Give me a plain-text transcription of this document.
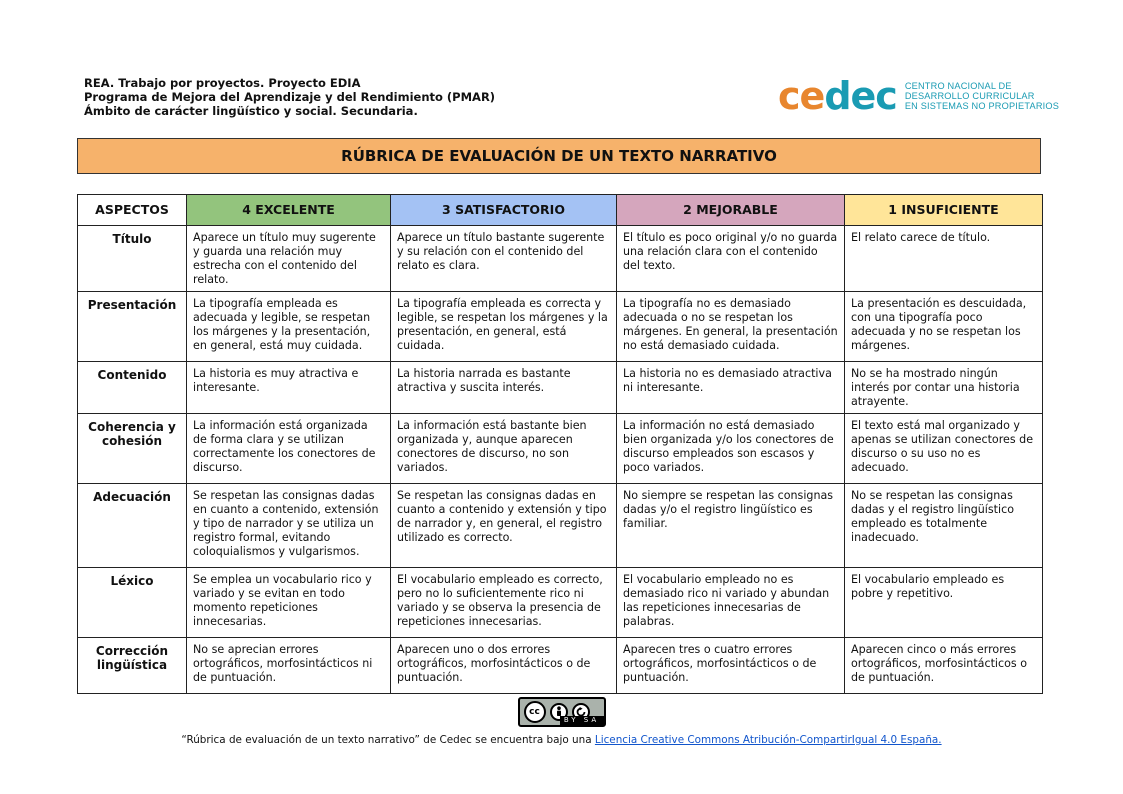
REA. Trabajo por proyectos. Proyecto EDIA
Programa de Mejora del Aprendizaje y del Rendimiento (PMAR)
Ámbito de carácter lingüístico y social. Secundaria.	cedec CENTRO NACIONAL DE
DESARROLLO CURRICULAR
EN SISTEMAS NO PROPIETARIOS
RÚBRICA DE EVALUACIÓN DE UN TEXTO NARRATIVO
ASPECTOS	4 EXCELENTE	3 SATISFACTORIO	2 MEJORABLE	1 INSUFICIENTE
Título	Aparece un título muy sugerente y guarda una relación muy estrecha con el contenido del relato.	Aparece un título bastante sugerente y su relación con el contenido del relato es clara.	El título es poco original y/o no guarda una relación clara con el contenido del texto.	El relato carece de título.
Presentación	La tipografía empleada es adecuada y legible, se respetan los márgenes y la presentación, en general, está muy cuidada.	La tipografía empleada es correcta y legible, se respetan los márgenes y la presentación, en general, está cuidada.	La tipografía no es demasiado adecuada o no se respetan los márgenes. En general, la presentación no está demasiado cuidada.	La presentación es descuidada, con una tipografía poco adecuada y no se respetan los márgenes.
Contenido	La historia es muy atractiva e interesante.	La historia narrada es bastante atractiva y suscita interés.	La historia no es demasiado atractiva ni interesante.	No se ha mostrado ningún interés por contar una historia atrayente.
Coherencia y cohesión	La información está organizada de forma clara y se utilizan correctamente los conectores de discurso.	La información está bastante bien organizada y, aunque aparecen conectores de discurso, no son variados.	La información no está demasiado bien organizada y/o los conectores de discurso empleados son escasos y poco variados.	El texto está mal organizado y apenas se utilizan conectores de discurso o su uso no es adecuado.
Adecuación	Se respetan las consignas dadas en cuanto a contenido, extensión y tipo de narrador y se utiliza un registro formal, evitando coloquialismos y vulgarismos.	Se respetan las consignas dadas en cuanto a contenido y extensión y tipo de narrador y, en general, el registro utilizado es correcto.	No siempre se respetan las consignas dadas y/o el registro lingüístico es familiar.	No se respetan las consignas dadas y el registro lingüístico empleado es totalmente inadecuado.
Léxico	Se emplea un vocabulario rico y variado y se evitan en todo momento repeticiones innecesarias.	El vocabulario empleado es correcto, pero no lo suficientemente rico ni variado y se observa la presencia de repeticiones innecesarias.	El vocabulario empleado no es demasiado rico ni variado y abundan las repeticiones innecesarias de palabras.	El vocabulario empleado es pobre y repetitivo.
Corrección lingüística	No se aprecian errores ortográficos, morfosintácticos ni de puntuación.	Aparecen uno o dos errores ortográficos, morfosintácticos o de puntuación.	Aparecen tres o cuatro errores ortográficos, morfosintácticos o de puntuación.	Aparecen cinco o más errores ortográficos, morfosintácticos o de puntuación.
cc
BY SA
“Rúbrica de evaluación de un texto narrativo” de Cedec se encuentra bajo una Licencia Creative Commons Atribución-CompartirIgual 4.0 España.
